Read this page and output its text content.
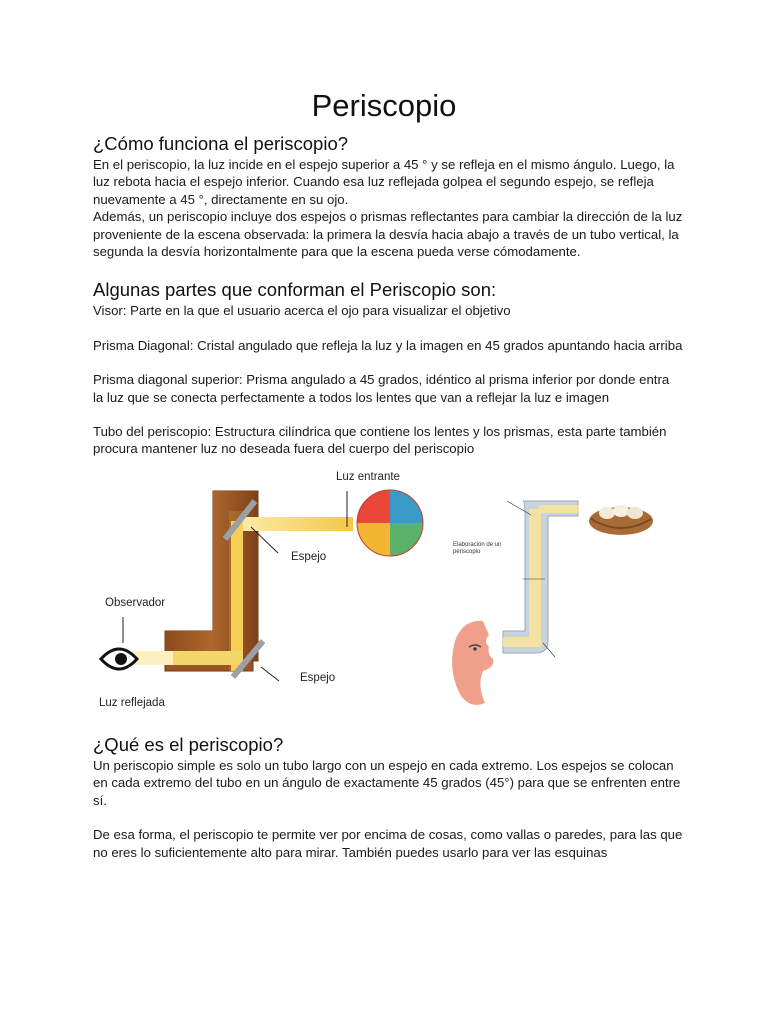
Periscopio
¿Cómo funciona el periscopio?

En el periscopio, la luz incide en el espejo superior a 45 ° y se refleja en el mismo ángulo. Luego, la luz rebota hacia el espejo inferior. Cuando esa luz reflejada golpea el segundo espejo, se refleja nuevamente a 45 °, directamente en su ojo.

Además, un periscopio incluye dos espejos o prismas reflectantes para cambiar la dirección de la luz proveniente de la escena observada: la primera la desvía hacia abajo a través de un tubo vertical, la segunda la desvía horizontalmente para que la escena pueda verse cómodamente.

Algunas partes que conforman el Periscopio son:

Visor: Parte en la que el usuario acerca el ojo para visualizar el objetivo

Prisma Diagonal: Cristal angulado que refleja la luz y la imagen en 45 grados apuntando hacia arriba

Prisma diagonal superior: Prisma angulado a 45 grados, idéntico al prisma inferior por donde entra la luz que se conecta perfectamente a todos los lentes que van a reflejar la luz e imagen

Tubo del periscopio: Estructura cilíndrica que contiene los lentes y los prismas, esta parte también procura mantener luz no deseada fuera del cuerpo del periscopio

Luz entrante
Espejo
Observador
Espejo
Luz reflejada
Elaboración de un periscopio
¿Qué es el periscopio?

Un periscopio simple es solo un tubo largo con un espejo en cada extremo. Los espejos se colocan en cada extremo del tubo en un ángulo de exactamente 45 grados (45°) para que se enfrenten entre sí.

De esa forma, el periscopio te permite ver por encima de cosas, como vallas o paredes, para las que no eres lo suficientemente alto para mirar. También puedes usarlo para ver las esquinas
